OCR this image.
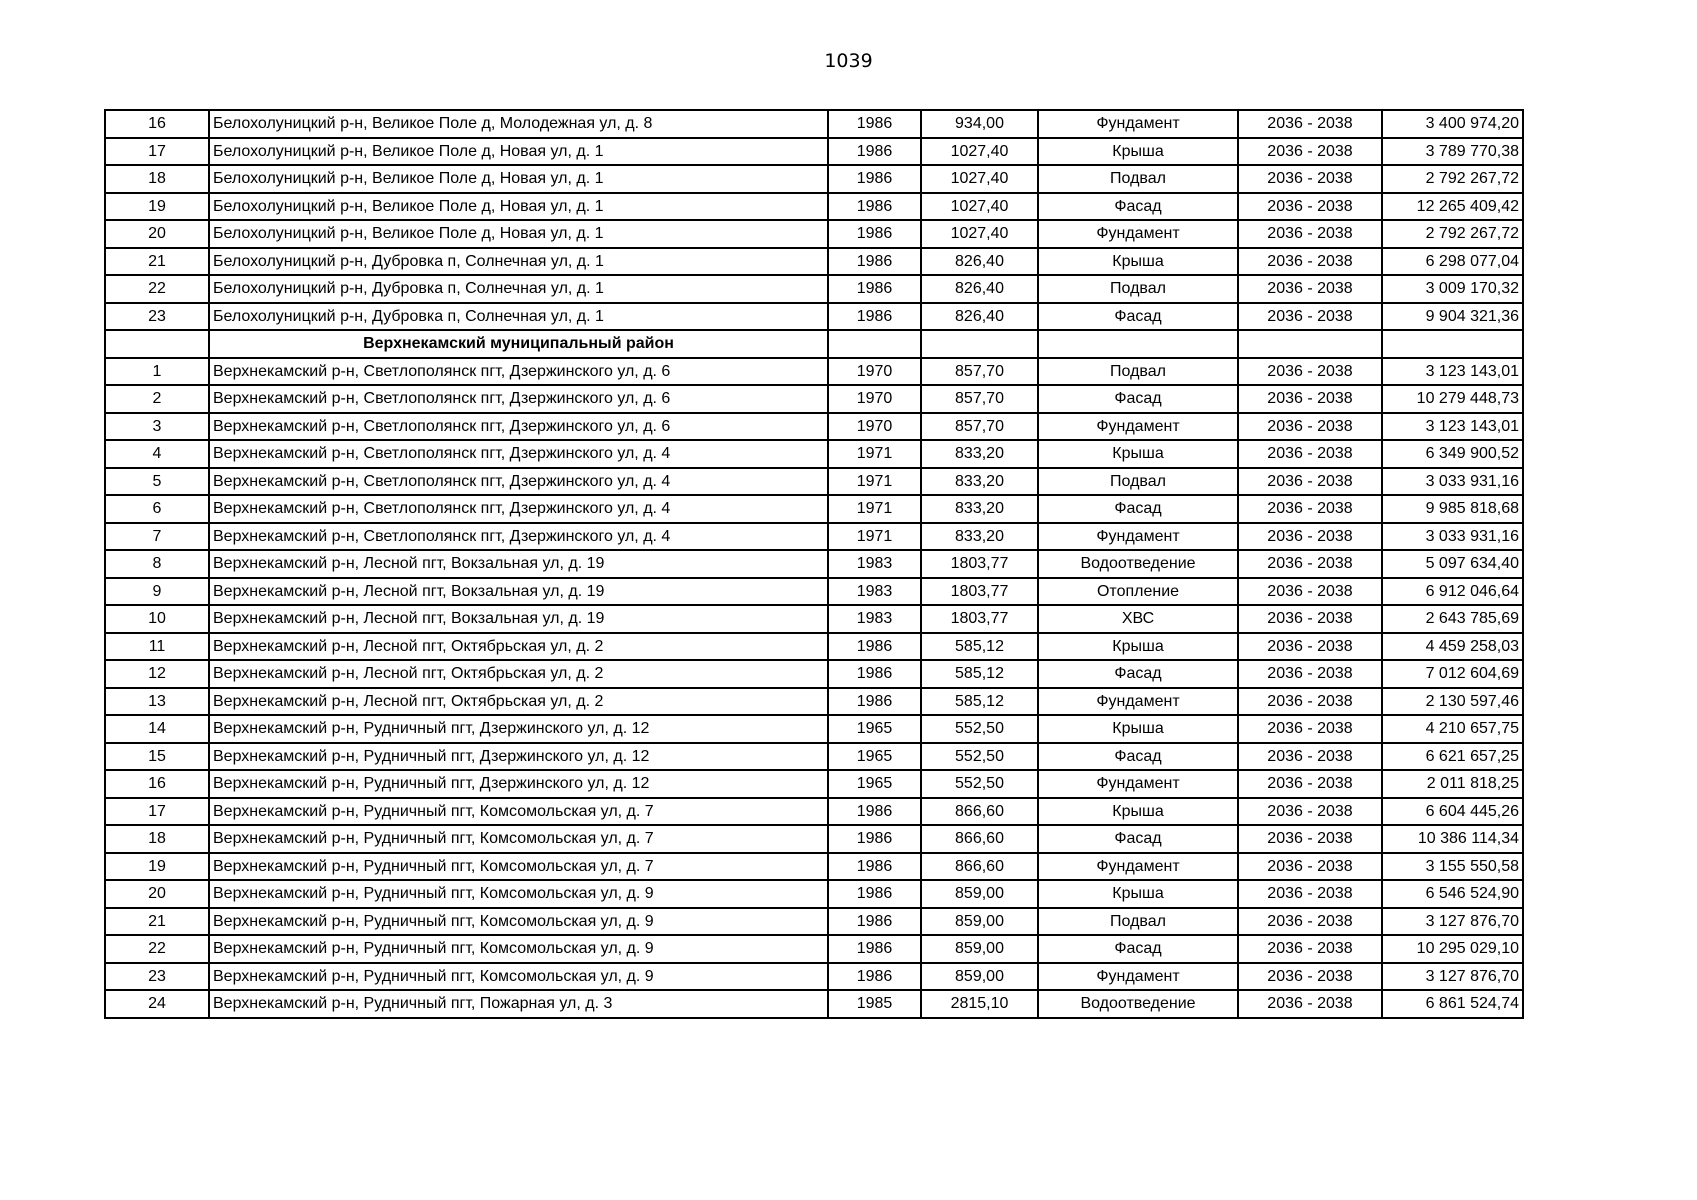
1039
16	Белохолуницкий р-н, Великое Поле д, Молодежная ул, д. 8	1986	934,00	Фундамент	2036 - 2038	3 400 974,20
17	Белохолуницкий р-н, Великое Поле д, Новая ул, д. 1	1986	1027,40	Крыша	2036 - 2038	3 789 770,38
18	Белохолуницкий р-н, Великое Поле д, Новая ул, д. 1	1986	1027,40	Подвал	2036 - 2038	2 792 267,72
19	Белохолуницкий р-н, Великое Поле д, Новая ул, д. 1	1986	1027,40	Фасад	2036 - 2038	12 265 409,42
20	Белохолуницкий р-н, Великое Поле д, Новая ул, д. 1	1986	1027,40	Фундамент	2036 - 2038	2 792 267,72
21	Белохолуницкий р-н, Дубровка п, Солнечная ул, д. 1	1986	826,40	Крыша	2036 - 2038	6 298 077,04
22	Белохолуницкий р-н, Дубровка п, Солнечная ул, д. 1	1986	826,40	Подвал	2036 - 2038	3 009 170,32
23	Белохолуницкий р-н, Дубровка п, Солнечная ул, д. 1	1986	826,40	Фасад	2036 - 2038	9 904 321,36
	Верхнекамский муниципальный район					
1	Верхнекамский р-н, Светлополянск пгт, Дзержинского ул, д. 6	1970	857,70	Подвал	2036 - 2038	3 123 143,01
2	Верхнекамский р-н, Светлополянск пгт, Дзержинского ул, д. 6	1970	857,70	Фасад	2036 - 2038	10 279 448,73
3	Верхнекамский р-н, Светлополянск пгт, Дзержинского ул, д. 6	1970	857,70	Фундамент	2036 - 2038	3 123 143,01
4	Верхнекамский р-н, Светлополянск пгт, Дзержинского ул, д. 4	1971	833,20	Крыша	2036 - 2038	6 349 900,52
5	Верхнекамский р-н, Светлополянск пгт, Дзержинского ул, д. 4	1971	833,20	Подвал	2036 - 2038	3 033 931,16
6	Верхнекамский р-н, Светлополянск пгт, Дзержинского ул, д. 4	1971	833,20	Фасад	2036 - 2038	9 985 818,68
7	Верхнекамский р-н, Светлополянск пгт, Дзержинского ул, д. 4	1971	833,20	Фундамент	2036 - 2038	3 033 931,16
8	Верхнекамский р-н, Лесной пгт, Вокзальная ул, д. 19	1983	1803,77	Водоотведение	2036 - 2038	5 097 634,40
9	Верхнекамский р-н, Лесной пгт, Вокзальная ул, д. 19	1983	1803,77	Отопление	2036 - 2038	6 912 046,64
10	Верхнекамский р-н, Лесной пгт, Вокзальная ул, д. 19	1983	1803,77	ХВС	2036 - 2038	2 643 785,69
11	Верхнекамский р-н, Лесной пгт, Октябрьская ул, д. 2	1986	585,12	Крыша	2036 - 2038	4 459 258,03
12	Верхнекамский р-н, Лесной пгт, Октябрьская ул, д. 2	1986	585,12	Фасад	2036 - 2038	7 012 604,69
13	Верхнекамский р-н, Лесной пгт, Октябрьская ул, д. 2	1986	585,12	Фундамент	2036 - 2038	2 130 597,46
14	Верхнекамский р-н, Рудничный пгт, Дзержинского ул, д. 12	1965	552,50	Крыша	2036 - 2038	4 210 657,75
15	Верхнекамский р-н, Рудничный пгт, Дзержинского ул, д. 12	1965	552,50	Фасад	2036 - 2038	6 621 657,25
16	Верхнекамский р-н, Рудничный пгт, Дзержинского ул, д. 12	1965	552,50	Фундамент	2036 - 2038	2 011 818,25
17	Верхнекамский р-н, Рудничный пгт, Комсомольская ул, д. 7	1986	866,60	Крыша	2036 - 2038	6 604 445,26
18	Верхнекамский р-н, Рудничный пгт, Комсомольская ул, д. 7	1986	866,60	Фасад	2036 - 2038	10 386 114,34
19	Верхнекамский р-н, Рудничный пгт, Комсомольская ул, д. 7	1986	866,60	Фундамент	2036 - 2038	3 155 550,58
20	Верхнекамский р-н, Рудничный пгт, Комсомольская ул, д. 9	1986	859,00	Крыша	2036 - 2038	6 546 524,90
21	Верхнекамский р-н, Рудничный пгт, Комсомольская ул, д. 9	1986	859,00	Подвал	2036 - 2038	3 127 876,70
22	Верхнекамский р-н, Рудничный пгт, Комсомольская ул, д. 9	1986	859,00	Фасад	2036 - 2038	10 295 029,10
23	Верхнекамский р-н, Рудничный пгт, Комсомольская ул, д. 9	1986	859,00	Фундамент	2036 - 2038	3 127 876,70
24	Верхнекамский р-н, Рудничный пгт, Пожарная ул, д. 3	1985	2815,10	Водоотведение	2036 - 2038	6 861 524,74
